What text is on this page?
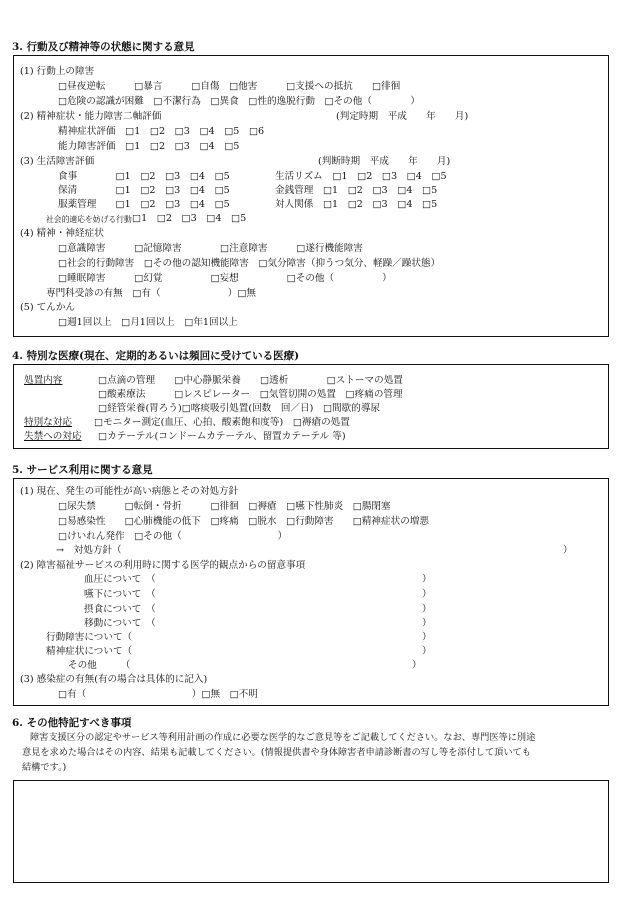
3. 行動及び精神等の状態に関する意見
(1) 行動上の障害
□昼夜逆転　　　□暴言　　　□自傷　□他害　　　□支援への抵抗　　□徘徊
□危険の認識が困難　□不潔行為　□異食　□性的逸脱行動　□その他（　　　　）
(2) 精神症状・能力障害二軸評価	(判定時期　平成　　年　　月)
精神症状評価　□1　□2　□3　□4　□5　□6
能力障害評価　□1　□2　□3　□4　□5
(3) 生活障害評価	(判断時期　平成　　年　　月)
食事　　　　□1　□2　□3　□4　□5	生活リズム　□1　□2　□3　□4　□5
保清　　　　□1　□2　□3　□4　□5	金銭管理　□1　□2　□3　□4　□5
服薬管理　　□1　□2　□3　□4　□5	対人関係　□1　□2　□3　□4　□5
社会的適応を妨げる行動 □1　□2　□3　□4　□5
(4) 精神・神経症状
□意識障害　　　□記憶障害　　　　□注意障害　　　□遂行機能障害
□社会的行動障害　□その他の認知機能障害　□気分障害（抑うつ気分、軽躁／躁状態）
□睡眠障害　　　□幻覚　　　　　□妄想　　　　　□その他（　　　　　）
専門科受診の有無　□有（　　　　　　　）□無
(5) てんかん
□週1回以上　□月1回以上　□年1回以上
4. 特別な医療(現在、定期的あるいは頻回に受けている医療)
処置内容	□点滴の管理　　□中心静脈栄養　　□透析　　　　□ストーマの処置
□酸素療法　　　□レスピレーター　□気管切開の処置　□疼痛の管理
□経管栄養(胃ろう)□喀痰吸引処置(回数　回／日)　□間歇的導尿
特別な対応 □モニター測定(血圧、心拍、酸素飽和度等)　□褥瘡の処置
失禁への対応 □カテーテル(コンドームカテーテル、留置カテーテル 等)
5. サービス利用に関する意見
(1) 現在、発生の可能性が高い病態とその対処方針
□尿失禁　　　□転倒・骨折　　　□徘徊　□褥瘡　□嚥下性肺炎　□腸閉塞
□易感染性　　□心肺機能の低下　□疼痛　□脱水　□行動障害　　□精神症状の増悪
□けいれん発作　□その他（　　　　　　　　　　）
→　対処方針（	）
(2) 障害福祉サービスの利用時に関する医学的観点からの留意事項
血圧について　（	）
嚥下について　（	）
摂食について　（	）
移動について　（	）
行動障害について（	）
精神症状について（	）
その他　　　（	）
(3) 感染症の有無(有の場合は具体的に記入)
□有（　　　　　　　　　　　）□無　□不明
6. その他特記すべき事項
障害支援区分の認定やサービス等利用計画の作成に必要な医学的なご意見等をご記載してください。なお、専門医等に別途
意見を求めた場合はその内容、結果も記載してください。(情報提供書や身体障害者申請診断書の写し等を添付して頂いても
結構です。)
